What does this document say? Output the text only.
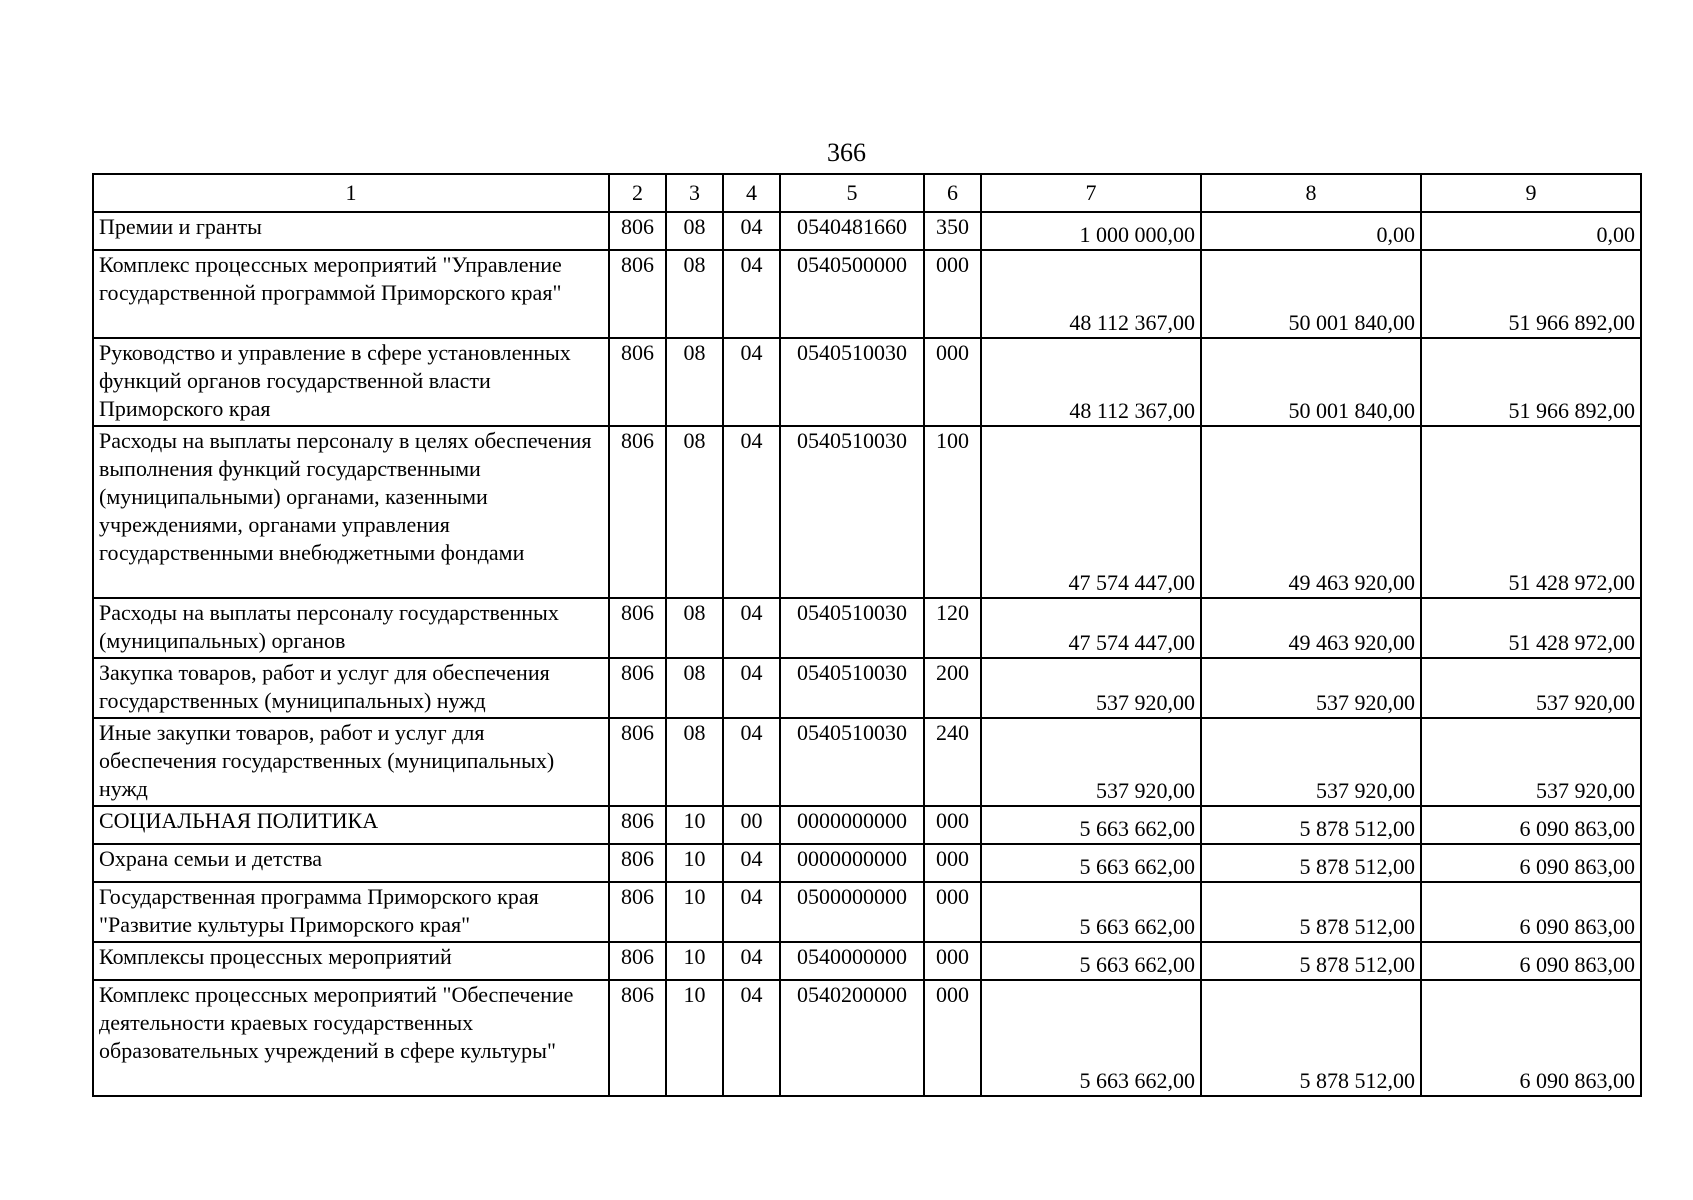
366
1	2	3	4	5	6	7	8	9
Премии и гранты	806	08	04	0540481660	350	1 000 000,00	0,00	0,00
Комплекс процессных мероприятий "Управление государственной программой Приморского края"	806	08	04	0540500000	000	48 112 367,00	50 001 840,00	51 966 892,00
Руководство и управление в сфере установленных функций органов государственной власти Приморского края	806	08	04	0540510030	000	48 112 367,00	50 001 840,00	51 966 892,00
Расходы на выплаты персоналу в целях обеспечения выполнения функций государственными (муниципальными) органами, казенными учреждениями, органами управления государственными внебюджетными фондами	806	08	04	0540510030	100	47 574 447,00	49 463 920,00	51 428 972,00
Расходы на выплаты персоналу государственных (муниципальных) органов	806	08	04	0540510030	120	47 574 447,00	49 463 920,00	51 428 972,00
Закупка товаров, работ и услуг для обеспечения государственных (муниципальных) нужд	806	08	04	0540510030	200	537 920,00	537 920,00	537 920,00
Иные закупки товаров, работ и услуг для обеспечения государственных (муниципальных) нужд	806	08	04	0540510030	240	537 920,00	537 920,00	537 920,00
СОЦИАЛЬНАЯ ПОЛИТИКА	806	10	00	0000000000	000	5 663 662,00	5 878 512,00	6 090 863,00
Охрана семьи и детства	806	10	04	0000000000	000	5 663 662,00	5 878 512,00	6 090 863,00
Государственная программа Приморского края "Развитие культуры Приморского края"	806	10	04	0500000000	000	5 663 662,00	5 878 512,00	6 090 863,00
Комплексы процессных мероприятий	806	10	04	0540000000	000	5 663 662,00	5 878 512,00	6 090 863,00
Комплекс процессных мероприятий "Обеспечение деятельности краевых государственных образовательных учреждений в сфере культуры"	806	10	04	0540200000	000	5 663 662,00	5 878 512,00	6 090 863,00
